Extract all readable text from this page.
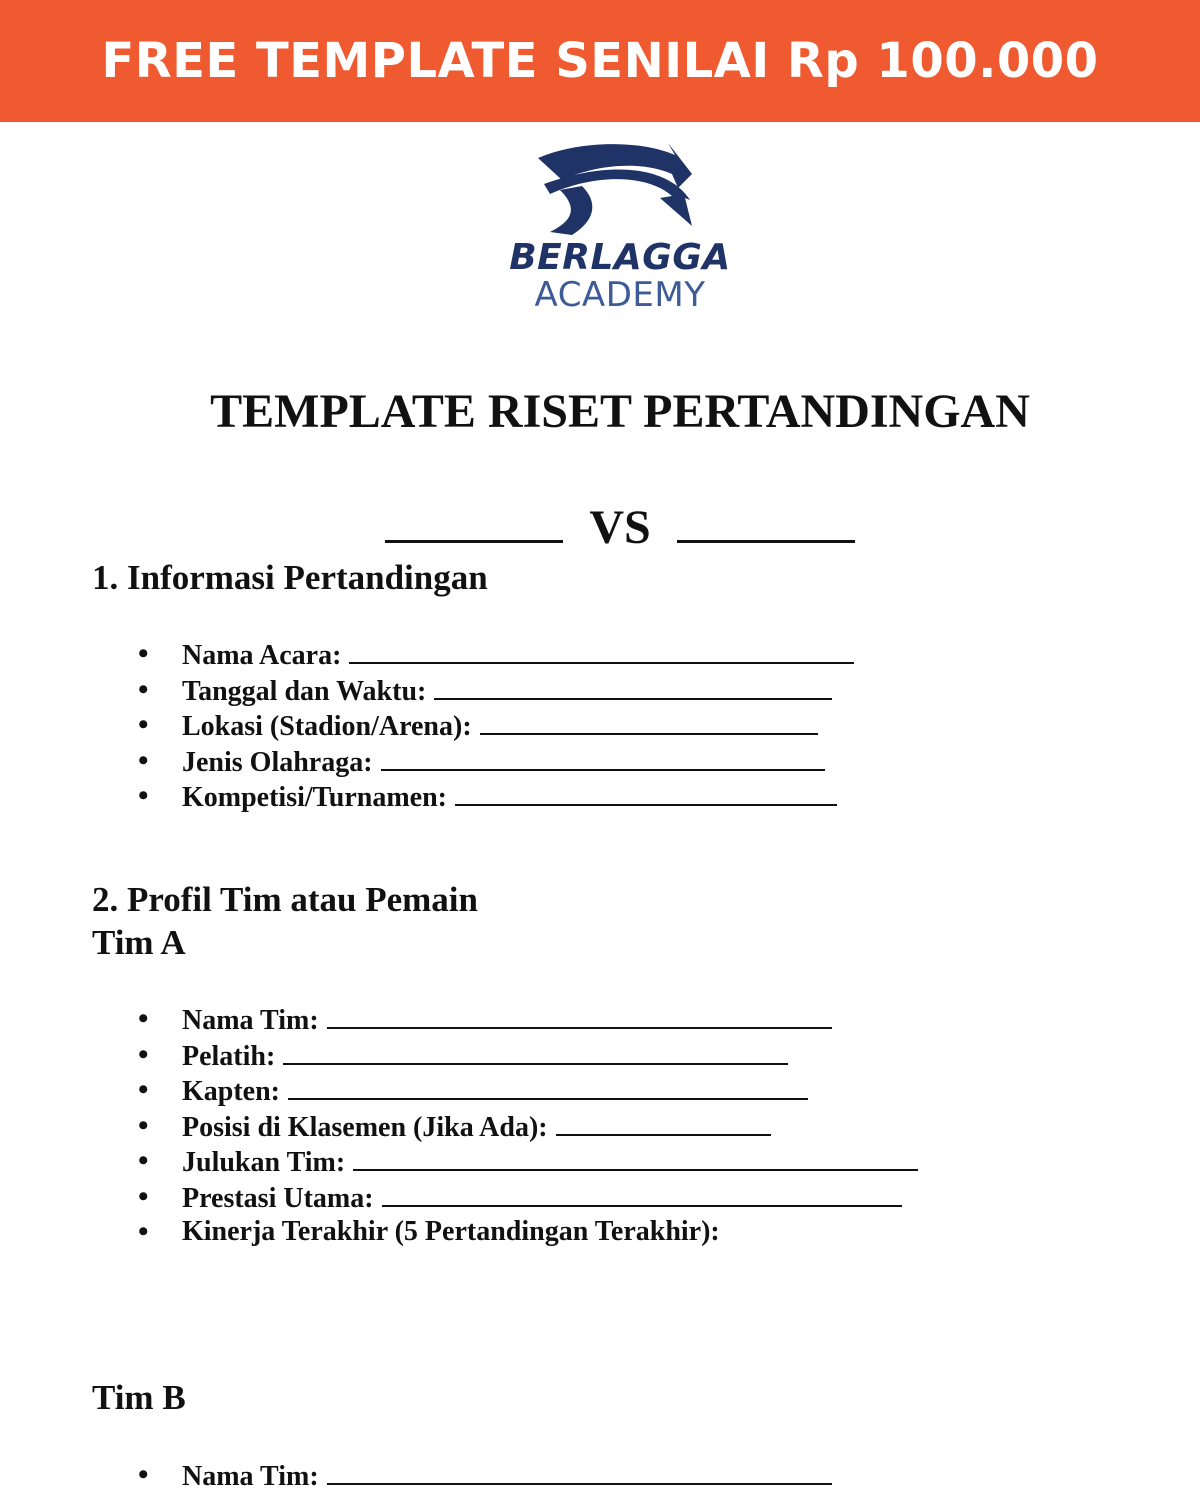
FREE TEMPLATE SENILAI Rp 100.000
BERLAGGA
ACADEMY
TEMPLATE RISET PERTANDINGAN
VS
1. Informasi Pertandingan
• Nama Acara:
• Tanggal dan Waktu:
• Lokasi (Stadion/Arena):
• Jenis Olahraga:
• Kompetisi/Turnamen:
2. Profil Tim atau Pemain
Tim A
• Nama Tim:
• Pelatih:
• Kapten:
• Posisi di Klasemen (Jika Ada):
• Julukan Tim:
• Prestasi Utama:
• Kinerja Terakhir (5 Pertandingan Terakhir):
Tim B
• Nama Tim:
